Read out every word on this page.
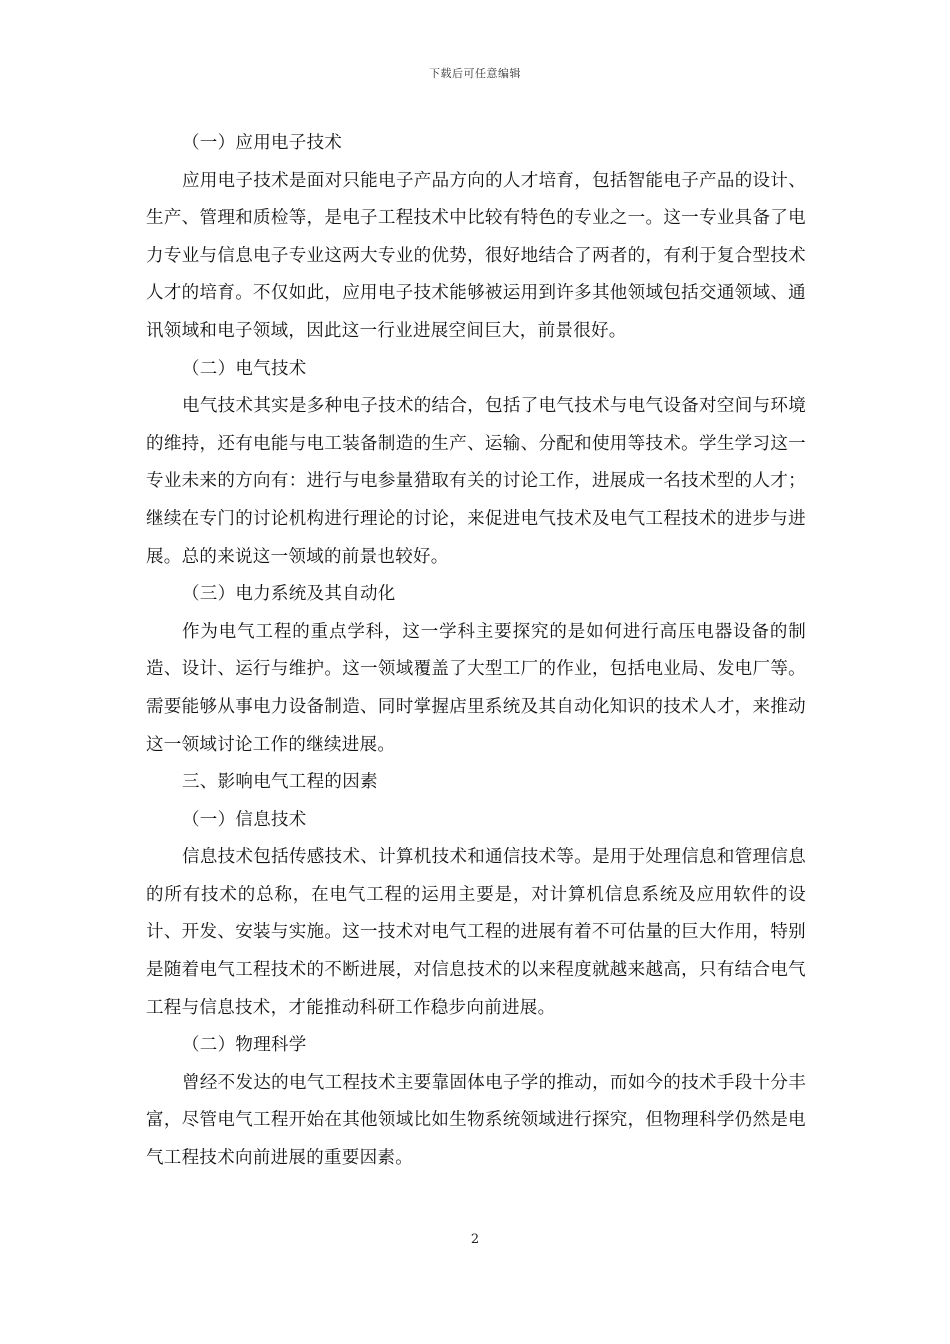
下载后可任意编辑

（一）应用电子技术

应用电子技术是面对只能电子产品方向的人才培育，包括智能电子产品的设计、生产、管理和质检等，是电子工程技术中比较有特色的专业之一。这一专业具备了电力专业与信息电子专业这两大专业的优势，很好地结合了两者的，有利于复合型技术人才的培育。不仅如此，应用电子技术能够被运用到许多其他领域包括交通领域、通讯领域和电子领域，因此这一行业进展空间巨大，前景很好。

（二）电气技术

电气技术其实是多种电子技术的结合，包括了电气技术与电气设备对空间与环境的维持，还有电能与电工装备制造的生产、运输、分配和使用等技术。学生学习这一专业未来的方向有：进行与电参量猎取有关的讨论工作，进展成一名技术型的人才；继续在专门的讨论机构进行理论的讨论，来促进电气技术及电气工程技术的进步与进展。总的来说这一领域的前景也较好。

（三）电力系统及其自动化

作为电气工程的重点学科，这一学科主要探究的是如何进行高压电器设备的制造、设计、运行与维护。这一领域覆盖了大型工厂的作业，包括电业局、发电厂等。需要能够从事电力设备制造、同时掌握店里系统及其自动化知识的技术人才，来推动这一领域讨论工作的继续进展。

三、影响电气工程的因素

（一）信息技术

信息技术包括传感技术、计算机技术和通信技术等。是用于处理信息和管理信息的所有技术的总称，在电气工程的运用主要是，对计算机信息系统及应用软件的设计、开发、安装与实施。这一技术对电气工程的进展有着不可估量的巨大作用，特别是随着电气工程技术的不断进展，对信息技术的以来程度就越来越高，只有结合电气工程与信息技术，才能推动科研工作稳步向前进展。

（二）物理科学

曾经不发达的电气工程技术主要靠固体电子学的推动，而如今的技术手段十分丰富，尽管电气工程开始在其他领域比如生物系统领域进行探究，但物理科学仍然是电气工程技术向前进展的重要因素。

2
